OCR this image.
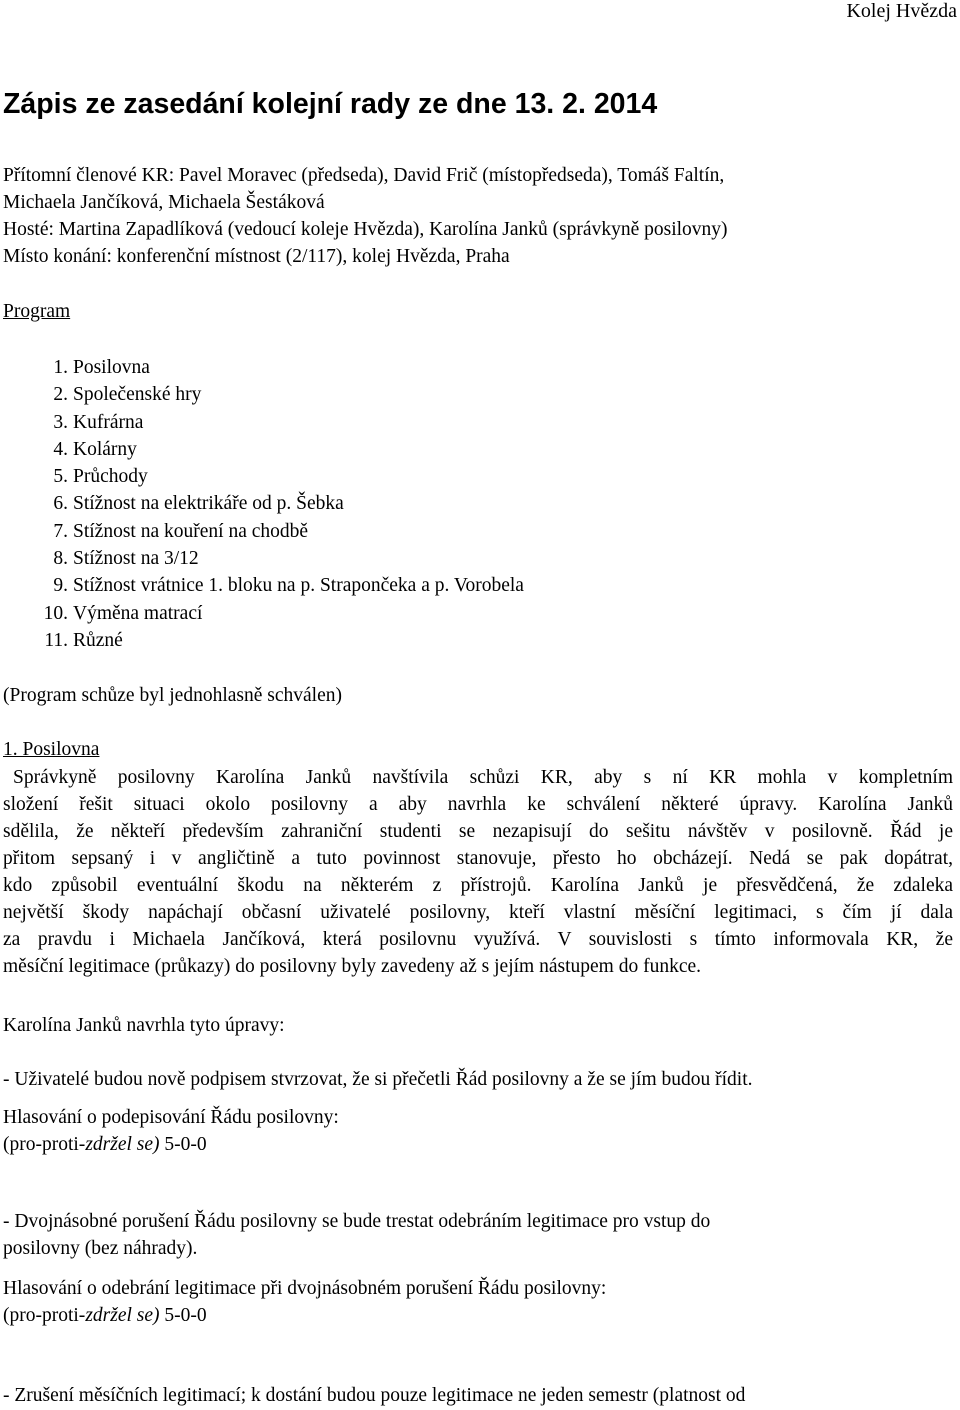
Kolej Hvězda
Zápis ze zasedání kolejní rady ze dne 13. 2. 2014
Přítomní členové KR: Pavel Moravec (předseda), David Frič (místopředseda), Tomáš Faltín,
Michaela Jančíková, Michaela Šestáková
Hosté: Martina Zapadlíková (vedoucí koleje Hvězda), Karolína Janků (správkyně posilovny)
Místo konání: konferenční místnost (2/117), kolej Hvězda, Praha
Program
1. Posilovna
2. Společenské hry
3. Kufrárna
4. Kolárny
5. Průchody
6. Stížnost na elektrikáře od p. Šebka
7. Stížnost na kouření na chodbě
8. Stížnost na 3/12
9. Stížnost vrátnice 1. bloku na p. Strapončeka a p. Vorobela
10. Výměna matrací
11. Různé
(Program schůze byl jednohlasně schválen)
1. Posilovna
Správkyně posilovny Karolína Janků navštívila schůzi KR, aby s ní KR mohla v kompletním
složení řešit situaci okolo posilovny a aby navrhla ke schválení některé úpravy. Karolína Janků
sdělila, že někteří především zahraniční studenti se nezapisují do sešitu návštěv v posilovně. Řád je
přitom sepsaný i v angličtině a tuto povinnost stanovuje, přesto ho obcházejí. Nedá se pak dopátrat,
kdo způsobil eventuální škodu na některém z přístrojů. Karolína Janků je přesvědčená, že zdaleka
největší škody napáchají občasní uživatelé posilovny, kteří vlastní měsíční legitimaci, s čím jí dala
za pravdu i Michaela Jančíková, která posilovnu využívá. V souvislosti s tímto informovala KR, že
měsíční legitimace (průkazy) do posilovny byly zavedeny až s jejím nástupem do funkce.
Karolína Janků navrhla tyto úpravy:
- Uživatelé budou nově podpisem stvrzovat, že si přečetli Řád posilovny a že se jím budou řídit.
Hlasování o podepisování Řádu posilovny:
(pro-proti-zdržel se) 5-0-0
- Dvojnásobné porušení Řádu posilovny se bude trestat odebráním legitimace pro vstup do
posilovny (bez náhrady).
Hlasování o odebrání legitimace při dvojnásobném porušení Řádu posilovny:
(pro-proti-zdržel se) 5-0-0
- Zrušení měsíčních legitimací; k dostání budou pouze legitimace ne jeden semestr (platnost od
